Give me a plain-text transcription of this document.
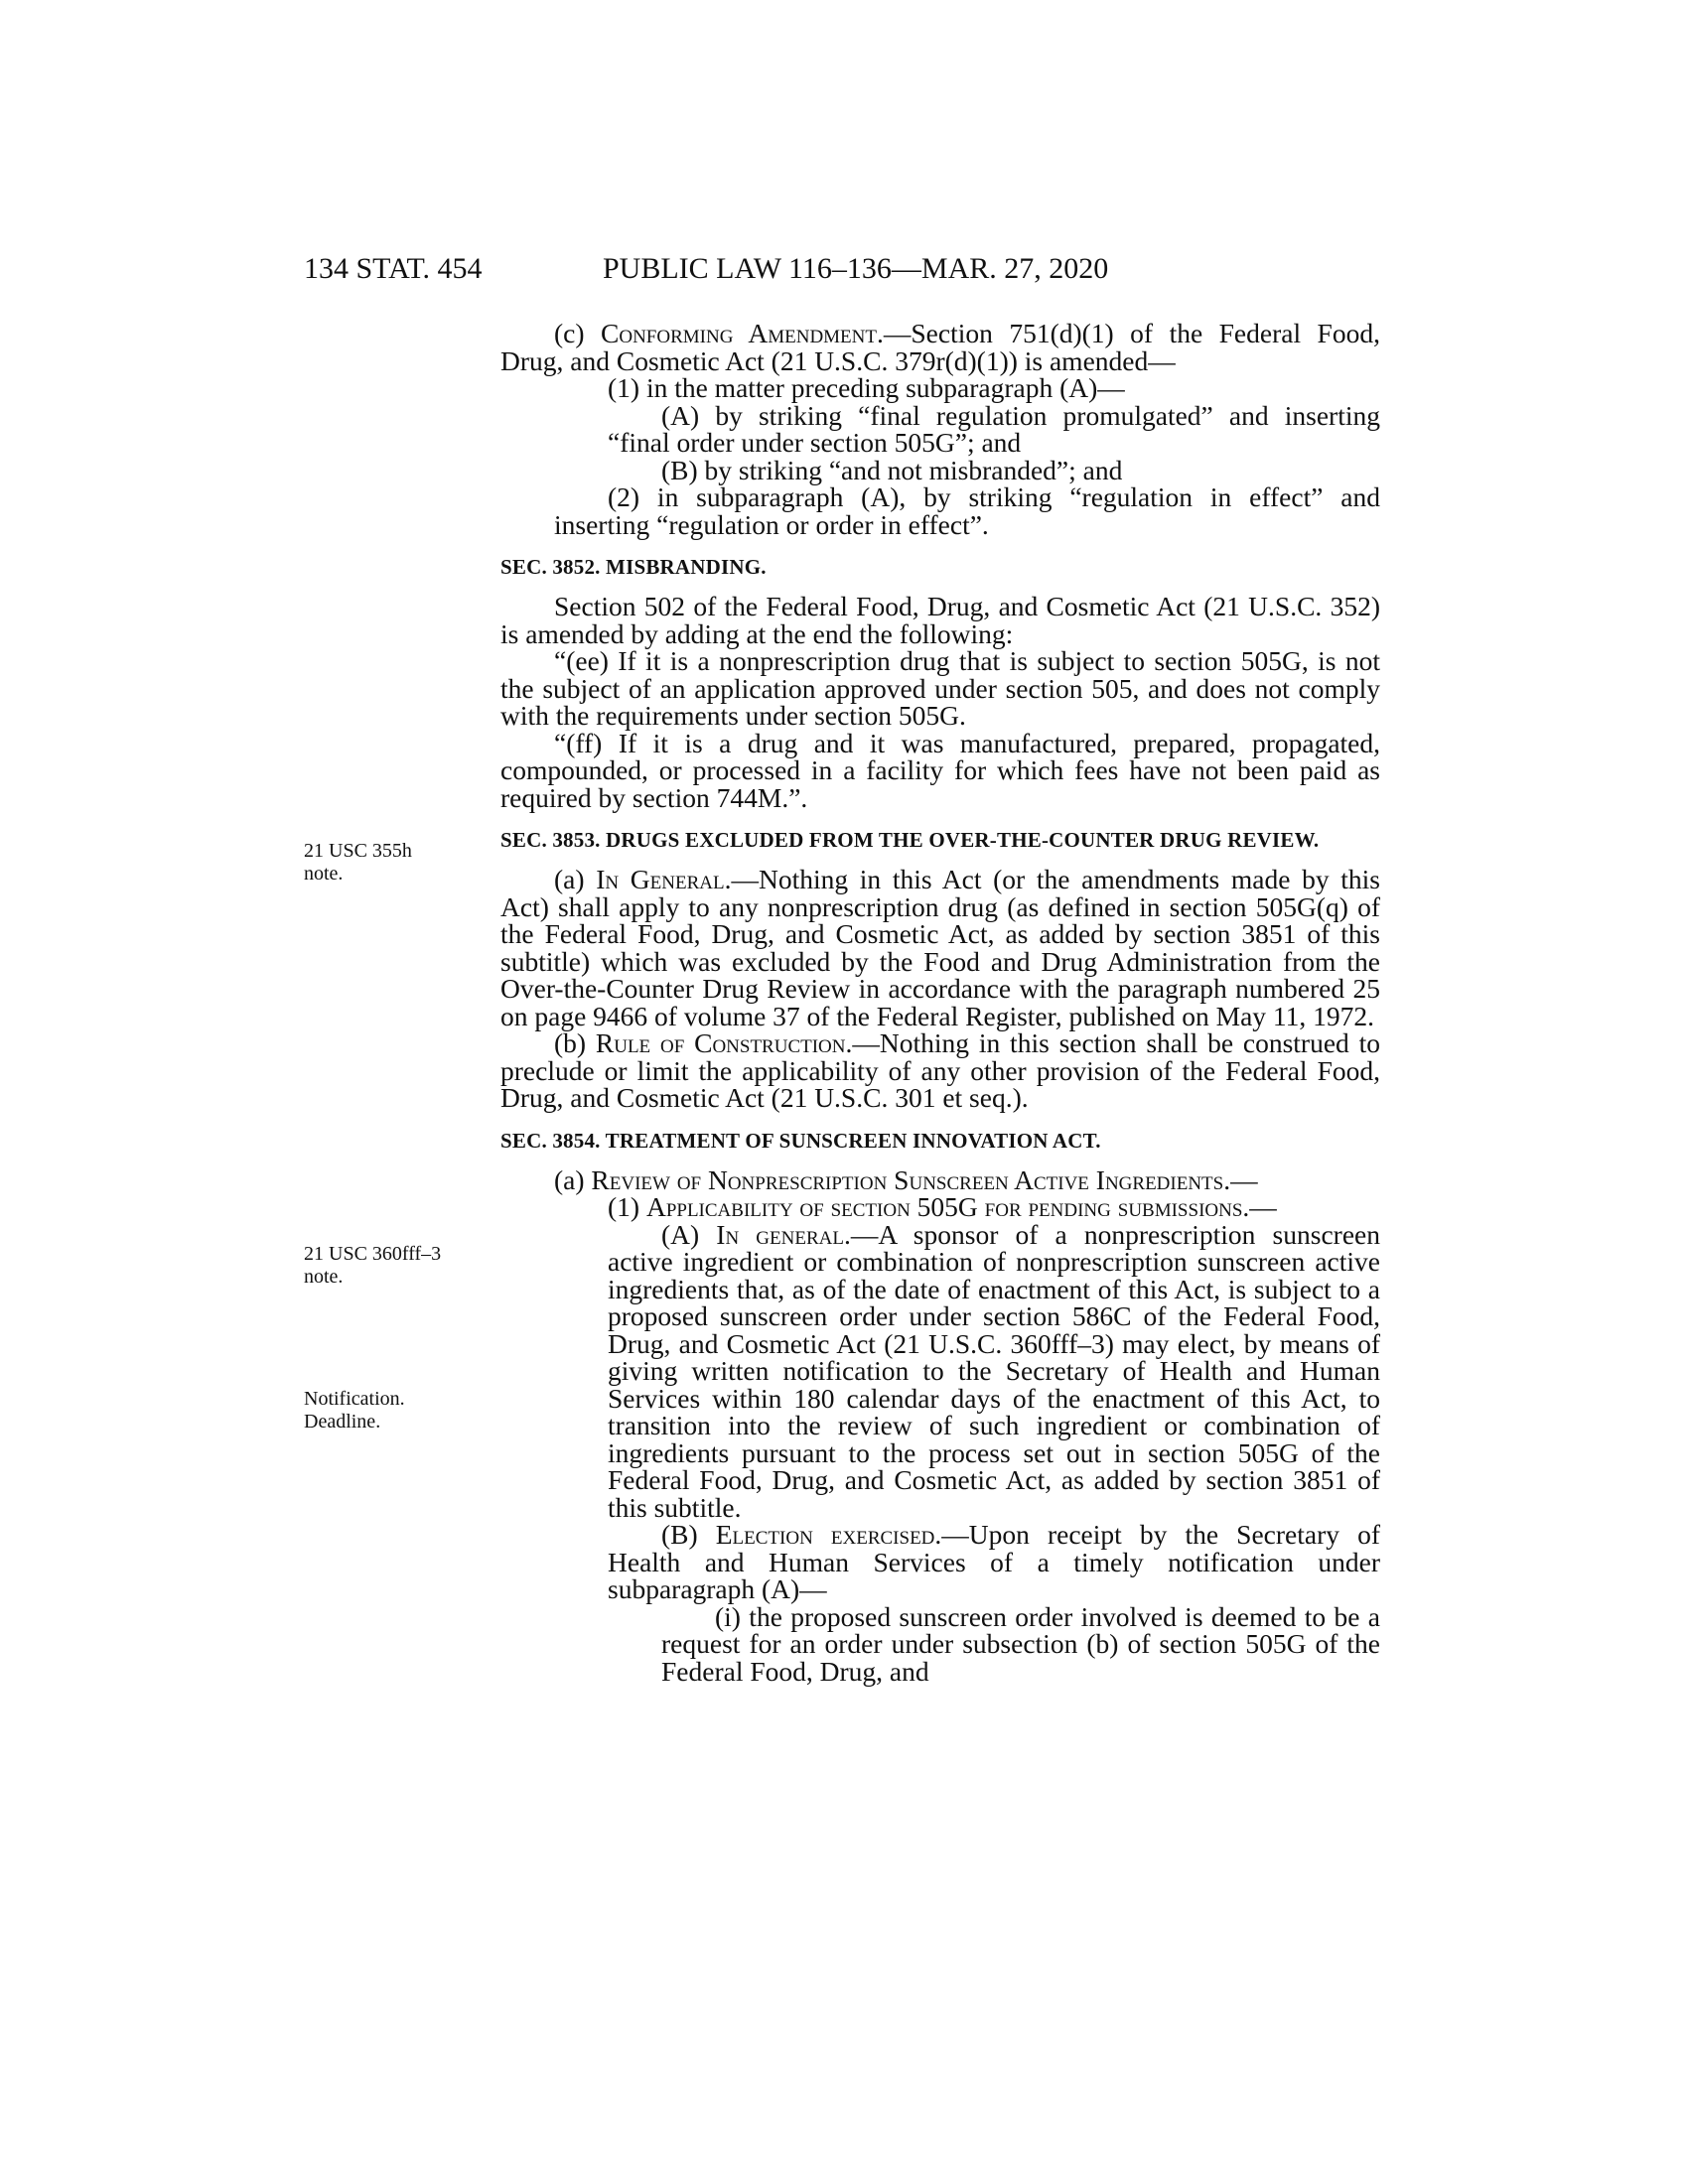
134 STAT. 454	PUBLIC LAW 116–136—MAR. 27, 2020
21 USC 355h
note.
21 USC 360fff–3
note.
Notification.
Deadline.

(c) Conforming Amendment.—Section 751(d)(1) of the Federal Food, Drug, and Cosmetic Act (21 U.S.C. 379r(d)(1)) is amended—

(1) in the matter preceding subparagraph (A)—

(A) by striking “final regulation promulgated” and inserting “final order under section 505G”; and

(B) by striking “and not misbranded”; and

(2) in subparagraph (A), by striking “regulation in effect” and inserting “regulation or order in effect”.

SEC. 3852. MISBRANDING.

Section 502 of the Federal Food, Drug, and Cosmetic Act (21 U.S.C. 352) is amended by adding at the end the following:

“(ee) If it is a nonprescription drug that is subject to section 505G, is not the subject of an application approved under section 505, and does not comply with the requirements under section 505G.

“(ff) If it is a drug and it was manufactured, prepared, propagated, compounded, or processed in a facility for which fees have not been paid as required by section 744M.”.

SEC. 3853. DRUGS EXCLUDED FROM THE OVER-THE-COUNTER DRUG REVIEW.

(a) In General.—Nothing in this Act (or the amendments made by this Act) shall apply to any nonprescription drug (as defined in section 505G(q) of the Federal Food, Drug, and Cosmetic Act, as added by section 3851 of this subtitle) which was excluded by the Food and Drug Administration from the Over-the-Counter Drug Review in accordance with the paragraph numbered 25 on page 9466 of volume 37 of the Federal Register, published on May 11, 1972.

(b) Rule of Construction.—Nothing in this section shall be construed to preclude or limit the applicability of any other provision of the Federal Food, Drug, and Cosmetic Act (21 U.S.C. 301 et seq.).

SEC. 3854. TREATMENT OF SUNSCREEN INNOVATION ACT.

(a) Review of Nonprescription Sunscreen Active Ingredients.—

(1) Applicability of section 505G for pending submissions.—

(A) In general.—A sponsor of a nonprescription sunscreen active ingredient or combination of nonprescription sunscreen active ingredients that, as of the date of enactment of this Act, is subject to a proposed sunscreen order under section 586C of the Federal Food, Drug, and Cosmetic Act (21 U.S.C. 360fff–3) may elect, by means of giving written notification to the Secretary of Health and Human Services within 180 calendar days of the enactment of this Act, to transition into the review of such ingredient or combination of ingredients pursuant to the process set out in section 505G of the Federal Food, Drug, and Cosmetic Act, as added by section 3851 of this subtitle.

(B) Election exercised.—Upon receipt by the Secretary of Health and Human Services of a timely notification under subparagraph (A)—

(i) the proposed sunscreen order involved is deemed to be a request for an order under subsection (b) of section 505G of the Federal Food, Drug, and
